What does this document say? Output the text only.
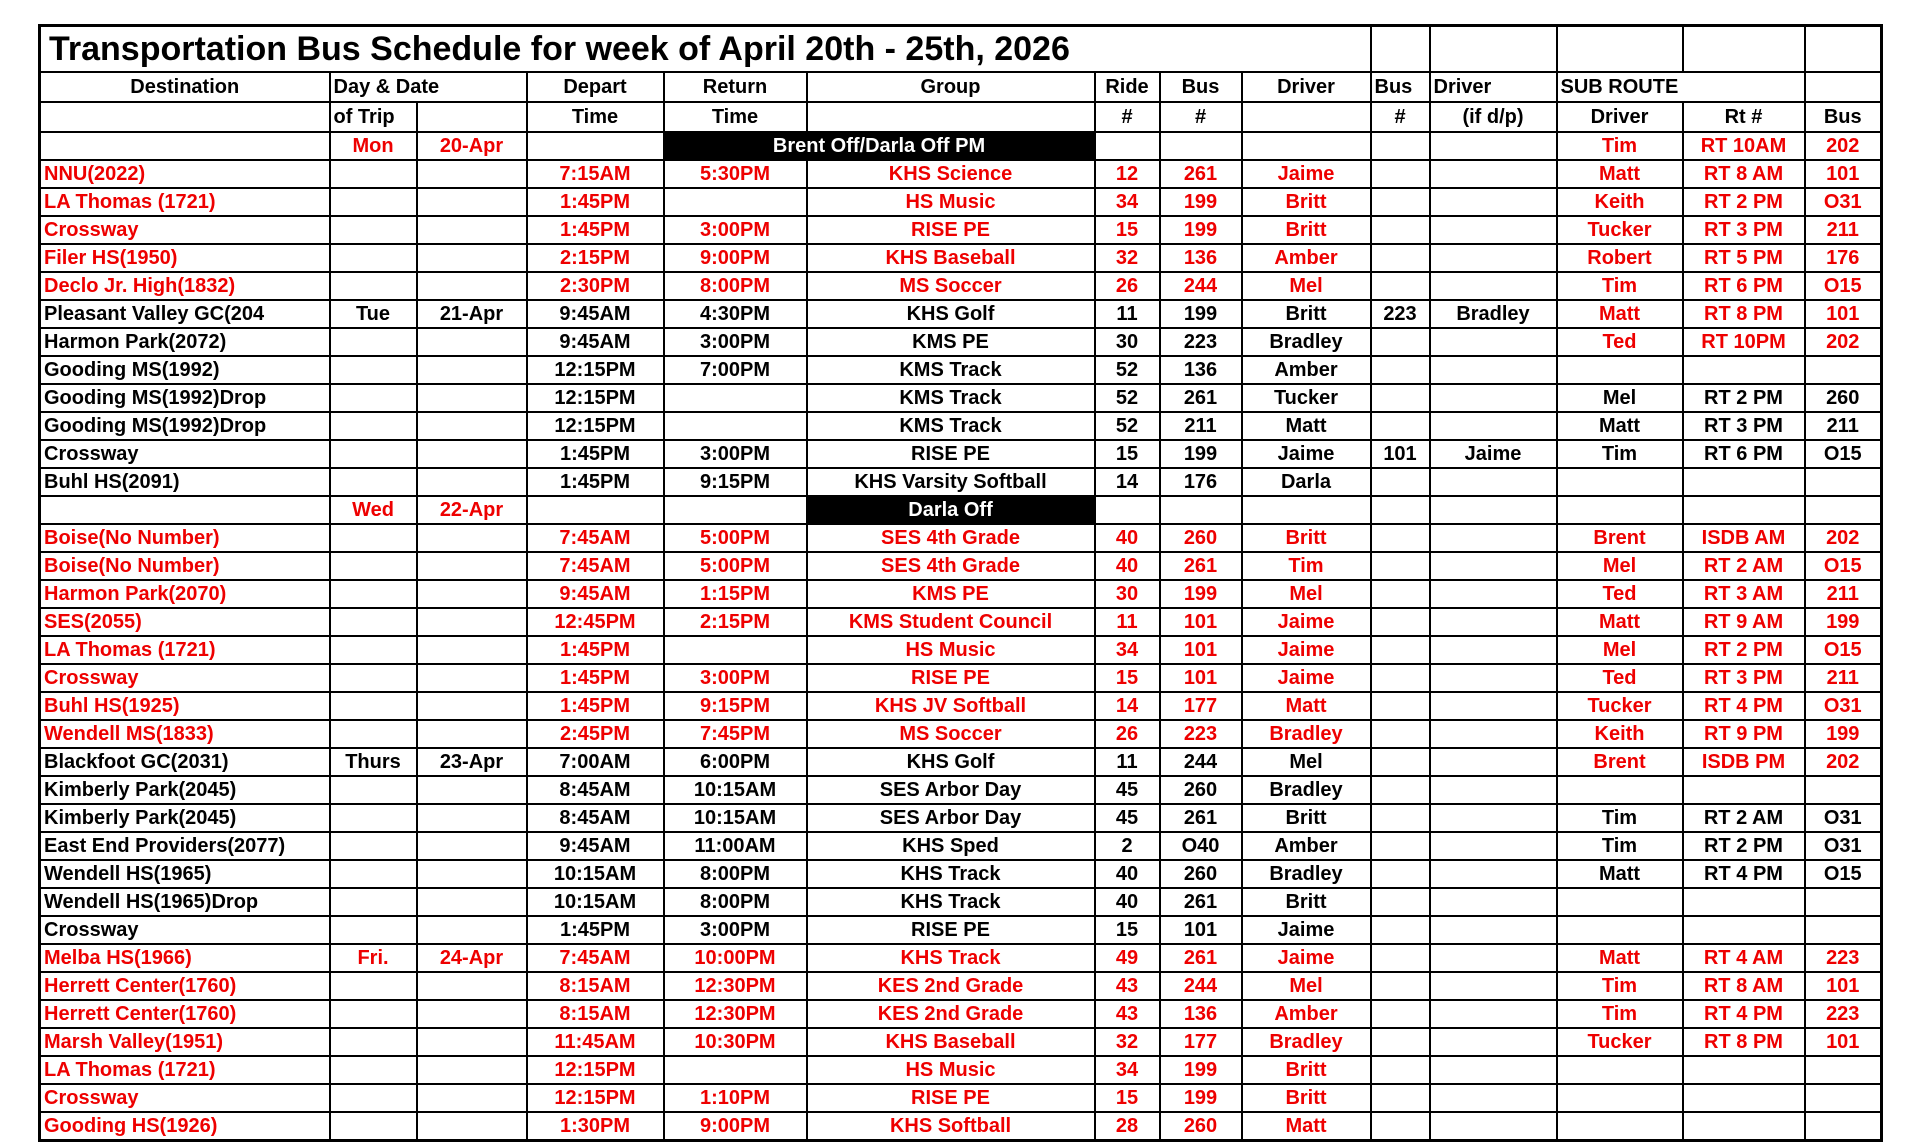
Transportation Bus Schedule for week of April 20th - 25th, 2026													
Destination	Day & Date		Depart	Return	Group	Ride	Bus	Driver	Bus	Driver	SUB ROUTE		
	of Trip		Time	Time		#	#		#	(if d/p)	Driver	Rt #	Bus
	Mon	20-Apr		Brent Off/Darla Off PM							Tim	RT 10AM	202
NNU(2022)			7:15AM	5:30PM	KHS Science	12	261	Jaime			Matt	RT 8 AM	101
LA Thomas (1721)			1:45PM		HS Music	34	199	Britt			Keith	RT 2 PM	O31
Crossway			1:45PM	3:00PM	RISE PE	15	199	Britt			Tucker	RT 3 PM	211
Filer HS(1950)			2:15PM	9:00PM	KHS Baseball	32	136	Amber			Robert	RT 5 PM	176
Declo Jr. High(1832)			2:30PM	8:00PM	MS Soccer	26	244	Mel			Tim	RT 6 PM	O15
Pleasant Valley GC(204	Tue	21-Apr	9:45AM	4:30PM	KHS Golf	11	199	Britt	223	Bradley	Matt	RT 8 PM	101
Harmon Park(2072)			9:45AM	3:00PM	KMS PE	30	223	Bradley			Ted	RT 10PM	202
Gooding MS(1992)			12:15PM	7:00PM	KMS Track	52	136	Amber					
Gooding MS(1992)Drop			12:15PM		KMS Track	52	261	Tucker			Mel	RT 2 PM	260
Gooding MS(1992)Drop			12:15PM		KMS Track	52	211	Matt			Matt	RT 3 PM	211
Crossway			1:45PM	3:00PM	RISE PE	15	199	Jaime	101	Jaime	Tim	RT 6 PM	O15
Buhl HS(2091)			1:45PM	9:15PM	KHS Varsity Softball	14	176	Darla					
	Wed	22-Apr			Darla Off								
Boise(No Number)			7:45AM	5:00PM	SES 4th Grade	40	260	Britt			Brent	ISDB AM	202
Boise(No Number)			7:45AM	5:00PM	SES 4th Grade	40	261	Tim			Mel	RT 2 AM	O15
Harmon Park(2070)			9:45AM	1:15PM	KMS PE	30	199	Mel			Ted	RT 3 AM	211
SES(2055)			12:45PM	2:15PM	KMS Student Council	11	101	Jaime			Matt	RT 9 AM	199
LA Thomas (1721)			1:45PM		HS Music	34	101	Jaime			Mel	RT 2 PM	O15
Crossway			1:45PM	3:00PM	RISE PE	15	101	Jaime			Ted	RT 3 PM	211
Buhl HS(1925)			1:45PM	9:15PM	KHS JV Softball	14	177	Matt			Tucker	RT 4 PM	O31
Wendell MS(1833)			2:45PM	7:45PM	MS Soccer	26	223	Bradley			Keith	RT 9 PM	199
Blackfoot GC(2031)	Thurs	23-Apr	7:00AM	6:00PM	KHS Golf	11	244	Mel			Brent	ISDB PM	202
Kimberly Park(2045)			8:45AM	10:15AM	SES Arbor Day	45	260	Bradley					
Kimberly Park(2045)			8:45AM	10:15AM	SES Arbor Day	45	261	Britt			Tim	RT 2 AM	O31
East End Providers(2077)			9:45AM	11:00AM	KHS Sped	2	O40	Amber			Tim	RT 2 PM	O31
Wendell HS(1965)			10:15AM	8:00PM	KHS Track	40	260	Bradley			Matt	RT 4 PM	O15
Wendell HS(1965)Drop			10:15AM	8:00PM	KHS Track	40	261	Britt					
Crossway			1:45PM	3:00PM	RISE PE	15	101	Jaime					
Melba HS(1966)	Fri.	24-Apr	7:45AM	10:00PM	KHS Track	49	261	Jaime			Matt	RT 4 AM	223
Herrett Center(1760)			8:15AM	12:30PM	KES 2nd Grade	43	244	Mel			Tim	RT 8 AM	101
Herrett Center(1760)			8:15AM	12:30PM	KES 2nd Grade	43	136	Amber			Tim	RT 4 PM	223
Marsh Valley(1951)			11:45AM	10:30PM	KHS Baseball	32	177	Bradley			Tucker	RT 8 PM	101
LA Thomas (1721)			12:15PM		HS Music	34	199	Britt					
Crossway			12:15PM	1:10PM	RISE PE	15	199	Britt					
Gooding HS(1926)			1:30PM	9:00PM	KHS Softball	28	260	Matt					
